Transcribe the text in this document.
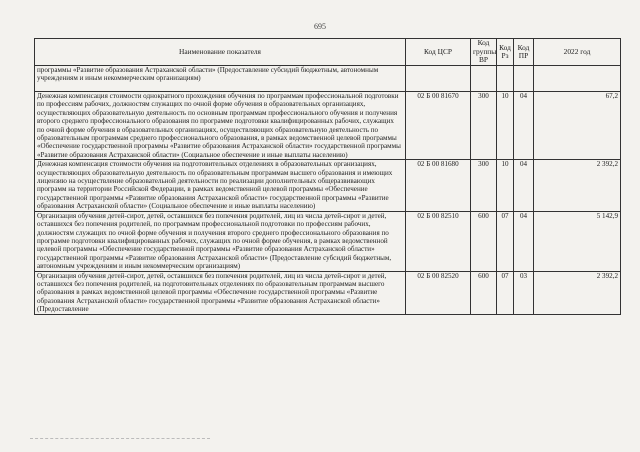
695
Наименование показателя	Код ЦСР	Код группы ВР	Код Рз	Код ПР	2022 год
программы «Развитие образования Астраханской области» (Предоставление субсидий бюджетным, автономным учреждениям и иным некоммерческим организациям)					
Денежная компенсация стоимости однократного прохождения обучения по программам профессиональной подготовки по профессиям рабочих, должностям служащих по очной форме обучения в образовательных организациях, осуществляющих образовательную деятельность по основным программам профессионального обучения и получения второго среднего профессионального образования по программе подготовки квалифицированных рабочих, служащих по очной форме обучения в образовательных организациях, осуществляющих образовательную деятельность по образовательным программам среднего профессионального образования, в рамках ведомственной целевой программы «Обеспечение государственной программы «Развитие образования Астраханской области» государственной программы «Развитие образования Астраханской области» (Социальное обеспечение и иные выплаты населению)	02 Б 00 81670	300	10	04	67,2
Денежная компенсация стоимости обучения на подготовительных отделениях в образовательных организациях, осуществляющих образовательную деятельность по образовательным программам высшего образования и имеющих лицензию на осуществление образовательной деятельности по реализации дополнительных общеразвивающих программ на территории Российской Федерации, в рамках ведомственной целевой программы «Обеспечение государственной программы «Развитие образования Астраханской области» государственной программы «Развитие образования Астраханской области» (Социальное обеспечение и иные выплаты населению)	02 Б 00 81680	300	10	04	2 392,2
Организация обучения детей-сирот, детей, оставшихся без попечения родителей, лиц из числа детей-сирот и детей, оставшихся без попечения родителей, по программам профессиональной подготовки по профессиям рабочих, должностям служащих по очной форме обучения и получения второго среднего профессионального образования по программе подготовки квалифицированных рабочих, служащих по очной форме обучения, в рамках ведомственной целевой программы «Обеспечение государственной программы «Развитие образования Астраханской области» государственной программы «Развитие образования Астраханской области» (Предоставление субсидий бюджетным, автономным учреждениям и иным некоммерческим организациям)	02 Б 00 82510	600	07	04	5 142,9
Организация обучения детей-сирот, детей, оставшихся без попечения родителей, лиц из числа детей-сирот и детей, оставшихся без попечения родителей, на подготовительных отделениях по образовательным программам высшего образования в рамках ведомственной целевой программы «Обеспечение государственной программы «Развитие образования Астраханской области» государственной программы «Развитие образования Астраханской области» (Предоставление	02 Б 00 82520	600	07	03	2 392,2
